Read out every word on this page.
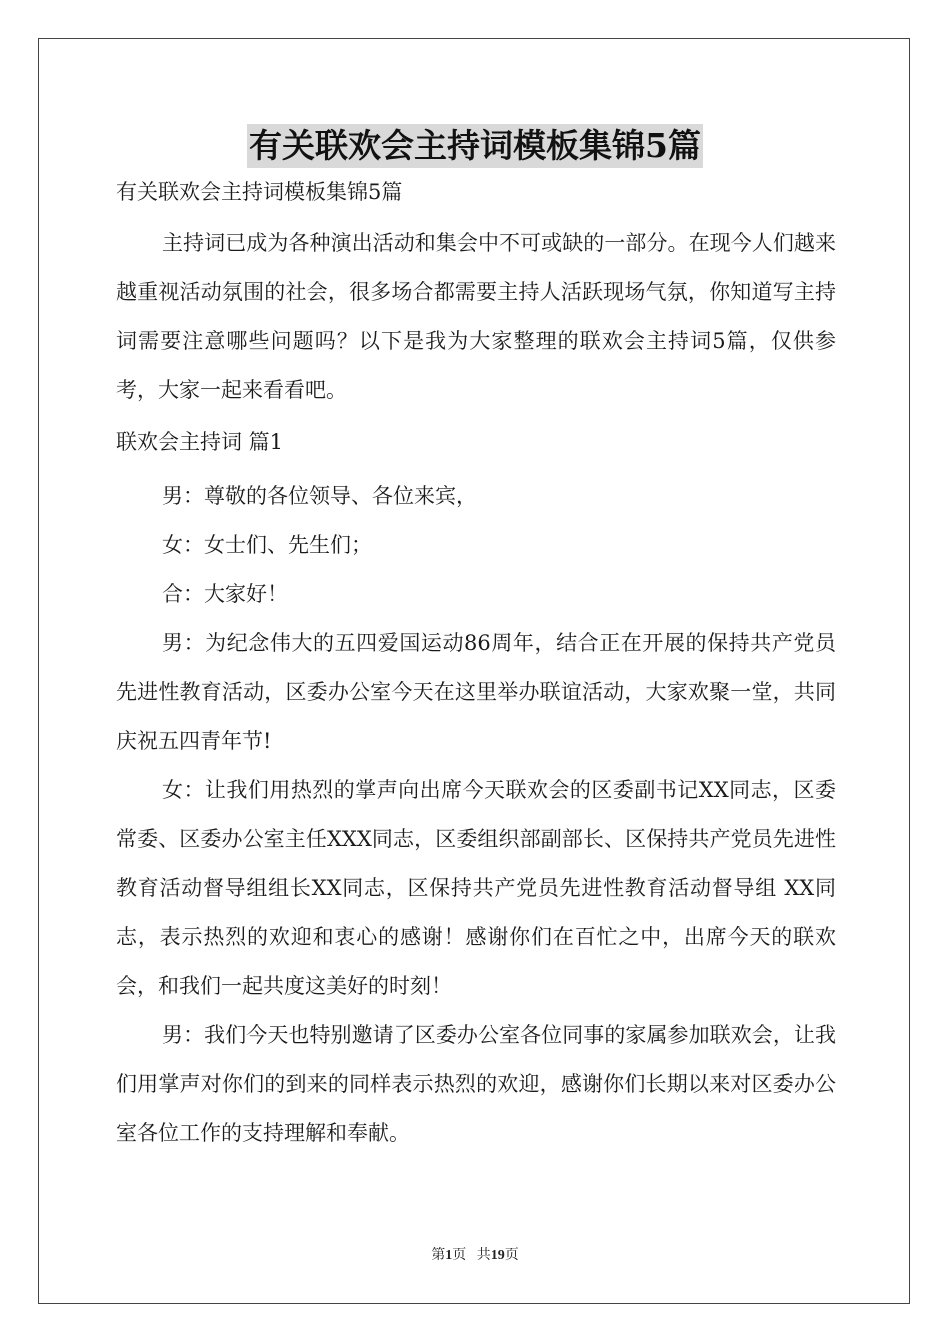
有关联欢会主持词模板集锦5篇

有关联欢会主持词模板集锦5篇

主持词已成为各种演出活动和集会中不可或缺的一部分。在现今人们越来越重视活动氛围的社会，很多场合都需要主持人活跃现场气氛，你知道写主持词需要注意哪些问题吗？以下是我为大家整理的联欢会主持词5篇，仅供参考，大家一起来看看吧。

联欢会主持词 篇1

男：尊敬的各位领导、各位来宾，

女：女士们、先生们；

合：大家好！

男：为纪念伟大的五四爱国运动86周年，结合正在开展的保持共产党员先进性教育活动，区委办公室今天在这里举办联谊活动，大家欢聚一堂，共同庆祝五四青年节!

女：让我们用热烈的掌声向出席今天联欢会的区委副书记XX同志，区委常委、区委办公室主任XXX同志，区委组织部副部长、区保持共产党员先进性教育活动督导组组长XX同志，区保持共产党员先进性教育活动督导组 XX同志，表示热烈的欢迎和衷心的感谢！感谢你们在百忙之中，出席今天的联欢会，和我们一起共度这美好的时刻！

男：我们今天也特别邀请了区委办公室各位同事的家属参加联欢会，让我们用掌声对你们的到来的同样表示热烈的欢迎，感谢你们长期以来对区委办公室各位工作的支持理解和奉献。

第1页 共19页
